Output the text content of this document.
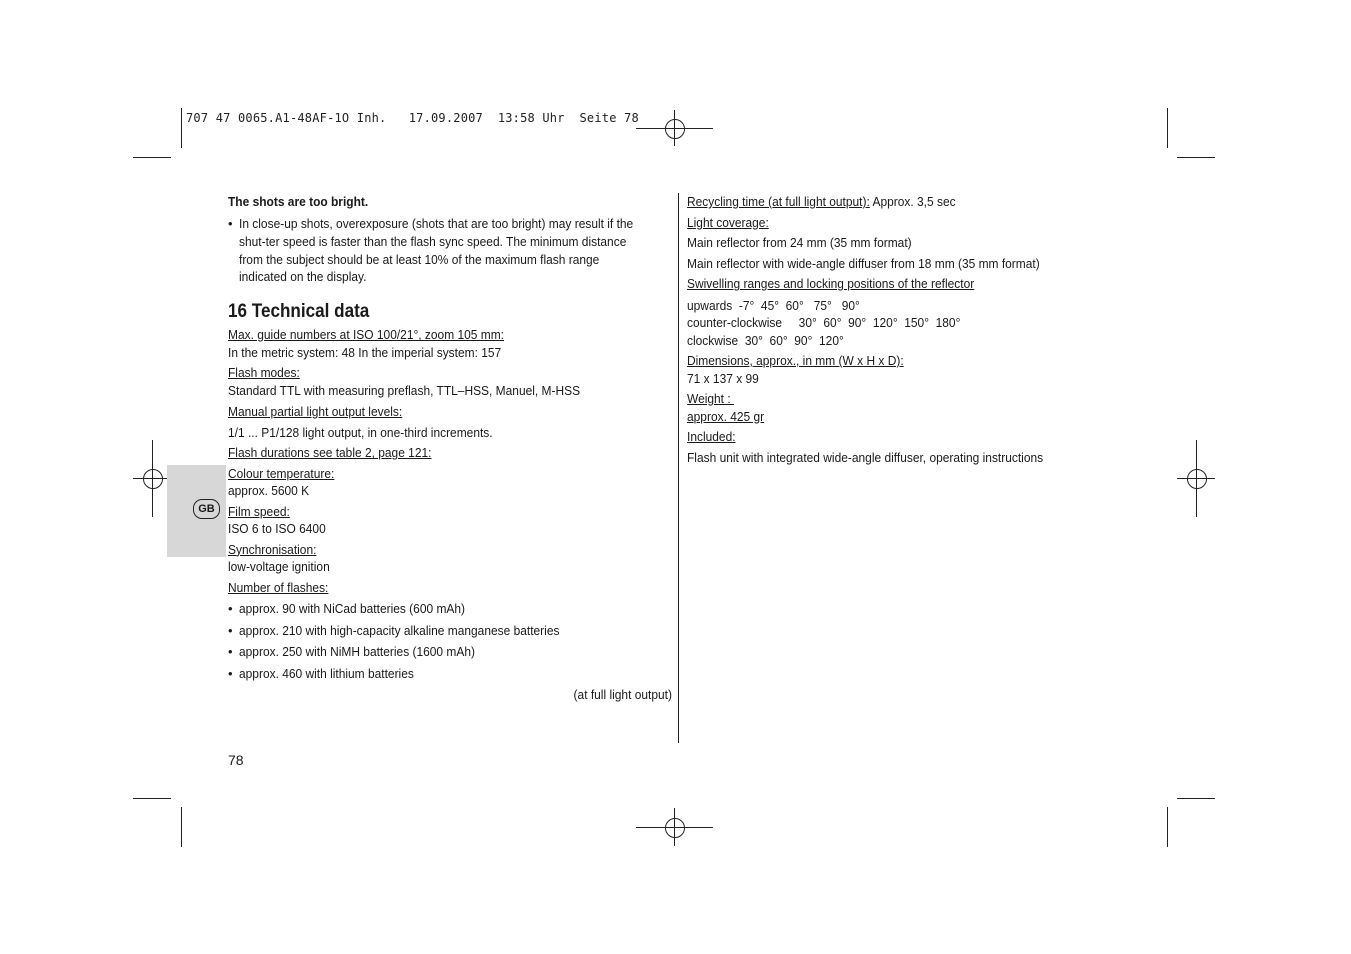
707 47 0065.A1-48AF-1O Inh.   17.09.2007  13:58 Uhr  Seite 78
GB
The shots are too bright.
• In close-up shots, overexposure (shots that are too bright) may result if the shut-ter speed is faster than the flash sync speed. The minimum distance from the subject should be at least 10% of the maximum flash range indicated on the display.
16 Technical data
Max. guide numbers at ISO 100/21°, zoom 105 mm:
In the metric system: 48 In the imperial system: 157
Flash modes:
Standard TTL with measuring preflash, TTL–HSS, Manuel, M-HSS
Manual partial light output levels:
1/1 ... P1/128 light output, in one-third increments.
Flash durations see table 2, page 121:
Colour temperature:
approx. 5600 K
Film speed:
ISO 6 to ISO 6400
Synchronisation:
low-voltage ignition
Number of flashes:
• approx. 90 with NiCad batteries (600 mAh)
• approx. 210 with high-capacity alkaline manganese batteries
• approx. 250 with NiMH batteries (1600 mAh)
• approx. 460 with lithium batteries
(at full light output)
Recycling time (at full light output): Approx. 3,5 sec
Light coverage:
Main reflector from 24 mm (35 mm format)
Main reflector with wide-angle diffuser from 18 mm (35 mm format)
Swivelling ranges and locking positions of the reflector
upwards  -7°  45°  60°   75°   90°
counter-clockwise     30°  60°  90°  120°  150°  180°
clockwise  30°  60°  90°  120°
Dimensions, approx., in mm (W x H x D):
71 x 137 x 99
Weight :
approx. 425 gr
Included:
Flash unit with integrated wide-angle diffuser, operating instructions
78
